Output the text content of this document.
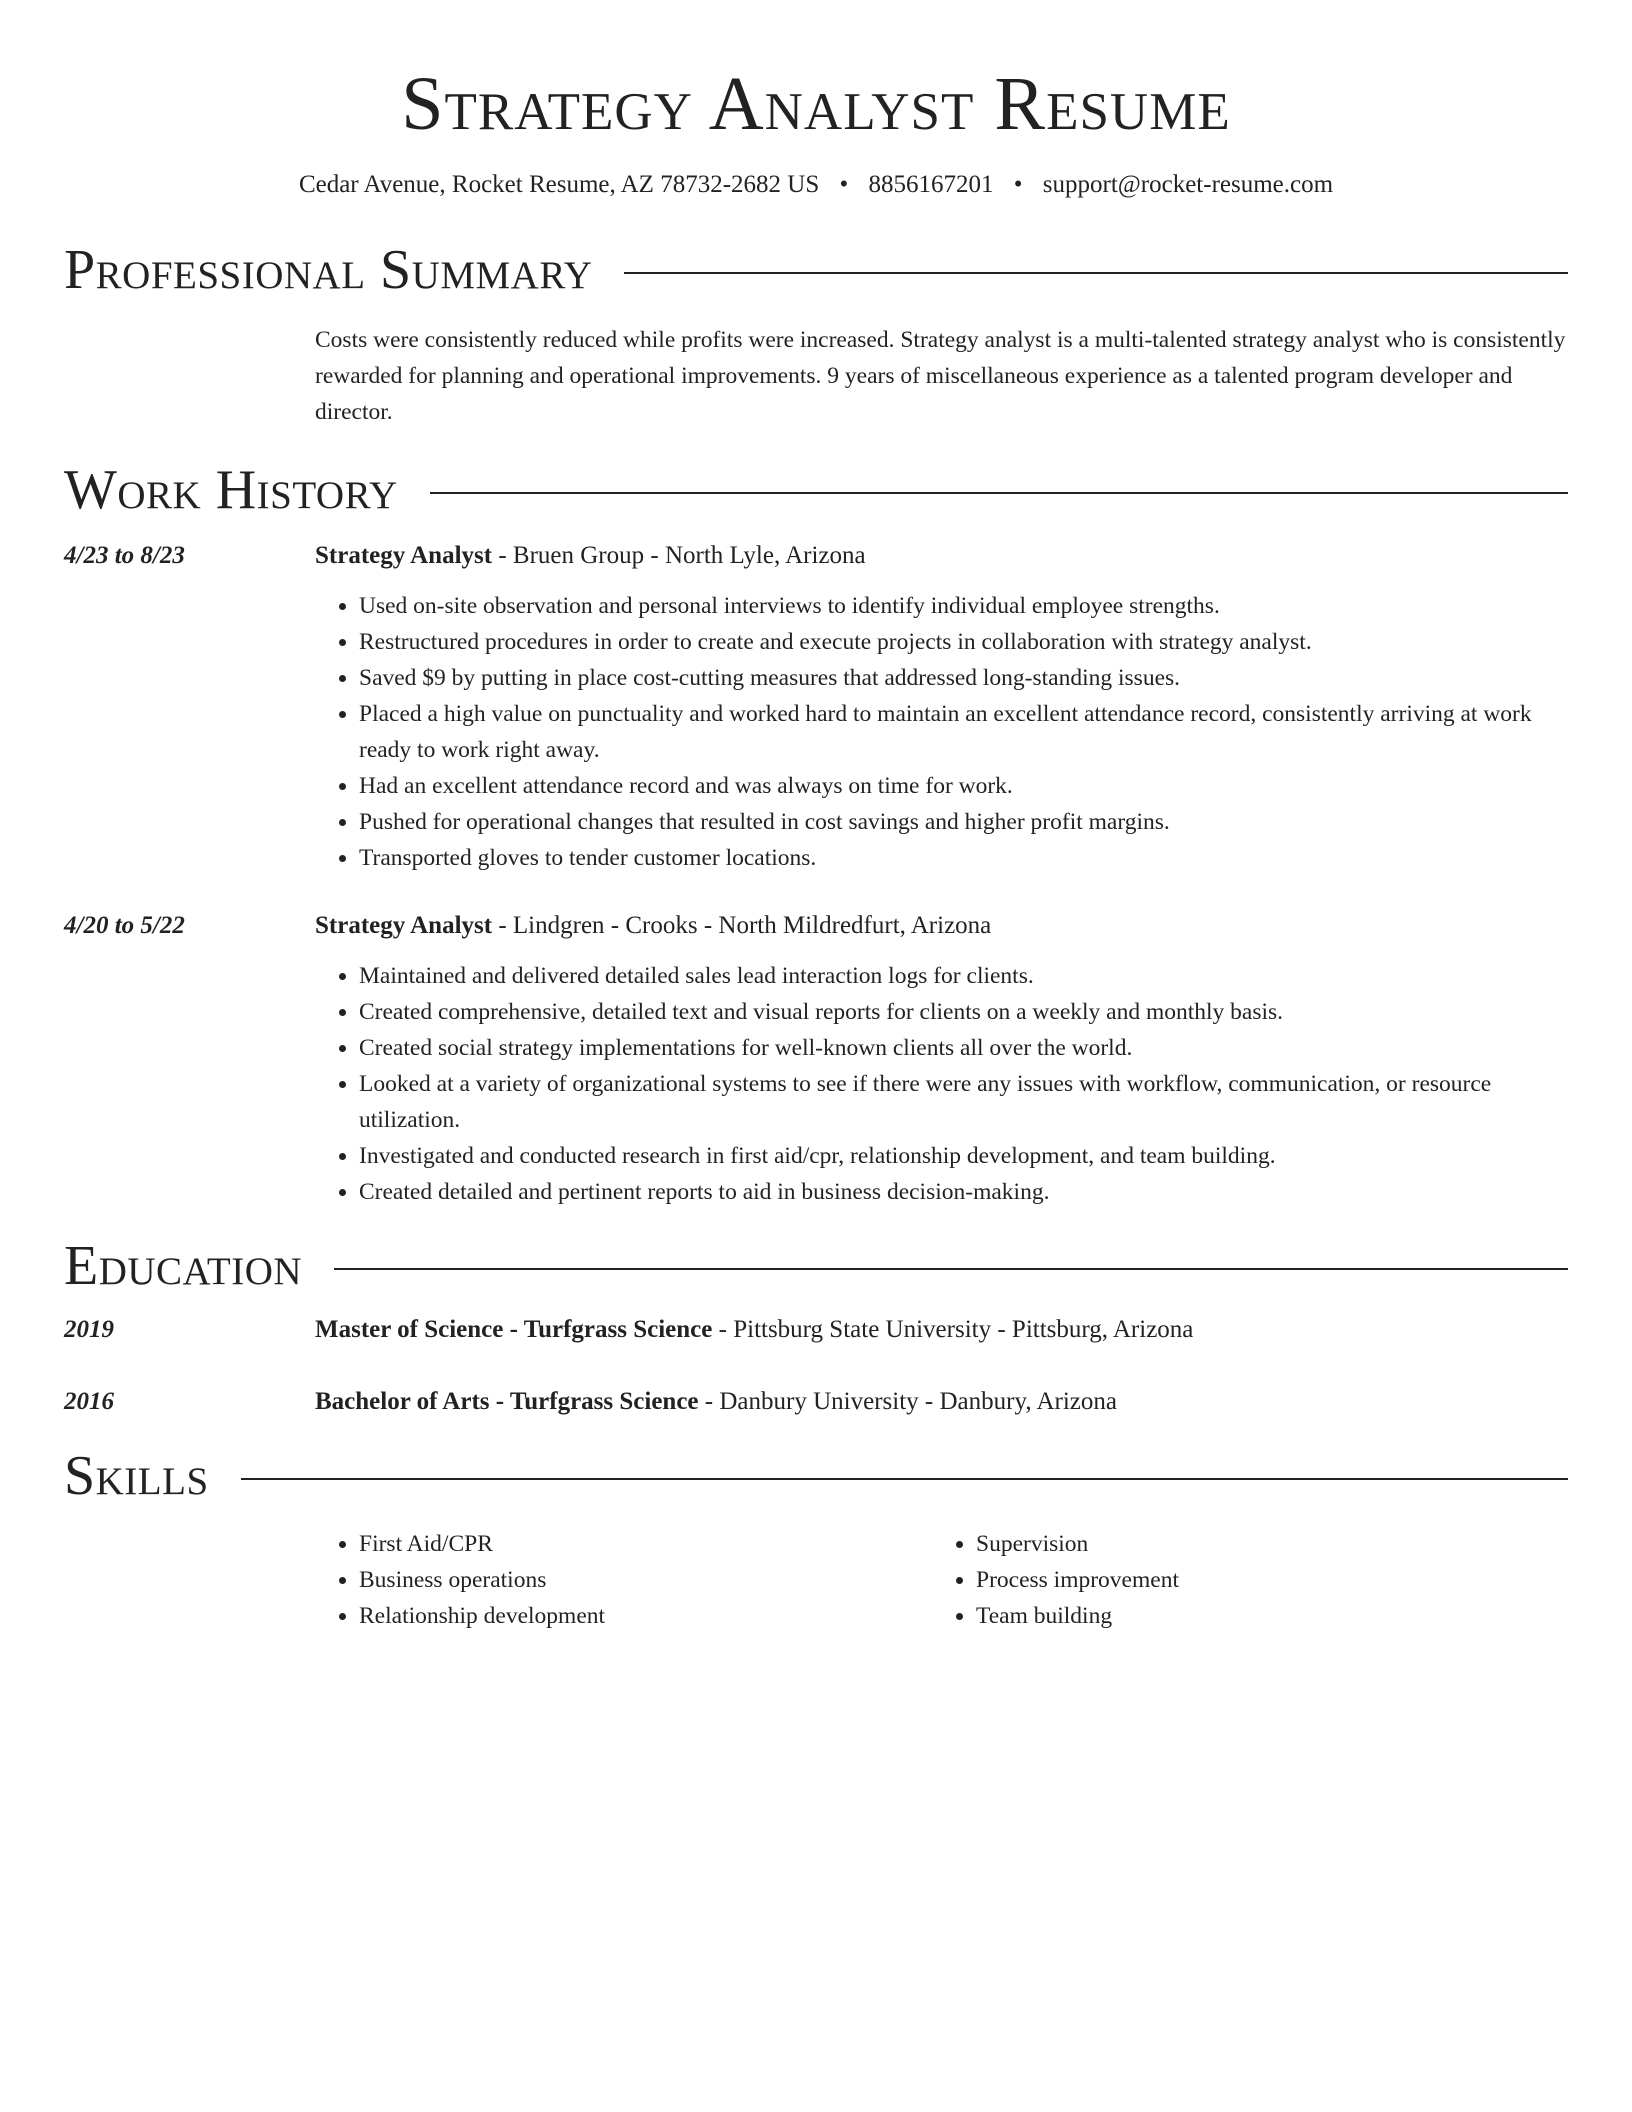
Strategy Analyst Resume
Cedar Avenue, Rocket Resume, AZ 78732-2682 US • 8856167201 • support@rocket-resume.com
Professional Summary
Costs were consistently reduced while profits were increased. Strategy analyst is a multi-talented strategy analyst who is consistently rewarded for planning and operational improvements. 9 years of miscellaneous experience as a talented program developer and director.
Work History
4/23 to 8/23	Strategy Analyst - Bruen Group - North Lyle, Arizona
• Used on-site observation and personal interviews to identify individual employee strengths.
• Restructured procedures in order to create and execute projects in collaboration with strategy analyst.
• Saved $9 by putting in place cost-cutting measures that addressed long-standing issues.
• Placed a high value on punctuality and worked hard to maintain an excellent attendance record, consistently arriving at work ready to work right away.
• Had an excellent attendance record and was always on time for work.
• Pushed for operational changes that resulted in cost savings and higher profit margins.
• Transported gloves to tender customer locations.
4/20 to 5/22	Strategy Analyst - Lindgren - Crooks - North Mildredfurt, Arizona
• Maintained and delivered detailed sales lead interaction logs for clients.
• Created comprehensive, detailed text and visual reports for clients on a weekly and monthly basis.
• Created social strategy implementations for well-known clients all over the world.
• Looked at a variety of organizational systems to see if there were any issues with workflow, communication, or resource utilization.
• Investigated and conducted research in first aid/cpr, relationship development, and team building.
• Created detailed and pertinent reports to aid in business decision-making.
Education
2019	Master of Science - Turfgrass Science - Pittsburg State University - Pittsburg, Arizona
2016	Bachelor of Arts - Turfgrass Science - Danbury University - Danbury, Arizona
Skills
• First Aid/CPR
• Business operations
• Relationship development
• Supervision
• Process improvement
• Team building
